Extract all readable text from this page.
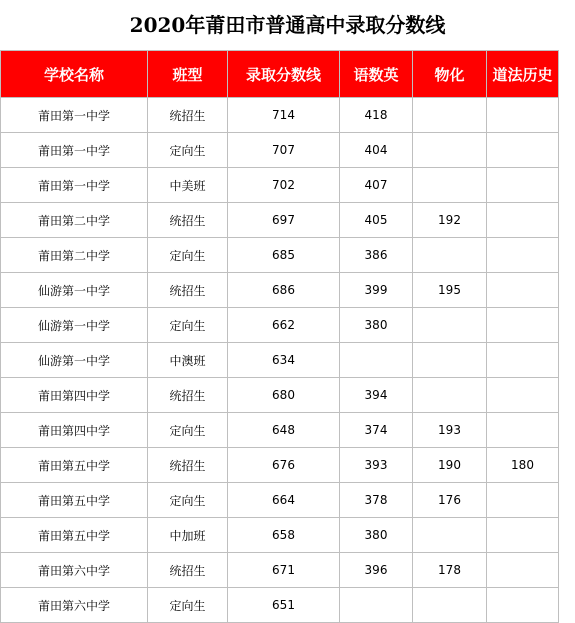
2020年莆田市普通高中录取分数线
学校名称	班型	录取分数线	语数英	物化	道法历史
莆田第一中学	统招生	714	418		
莆田第一中学	定向生	707	404		
莆田第一中学	中美班	702	407		
莆田第二中学	统招生	697	405	192	
莆田第二中学	定向生	685	386		
仙游第一中学	统招生	686	399	195	
仙游第一中学	定向生	662	380		
仙游第一中学	中澳班	634			
莆田第四中学	统招生	680	394		
莆田第四中学	定向生	648	374	193	
莆田第五中学	统招生	676	393	190	180
莆田第五中学	定向生	664	378	176	
莆田第五中学	中加班	658	380		
莆田第六中学	统招生	671	396	178	
莆田第六中学	定向生	651			
